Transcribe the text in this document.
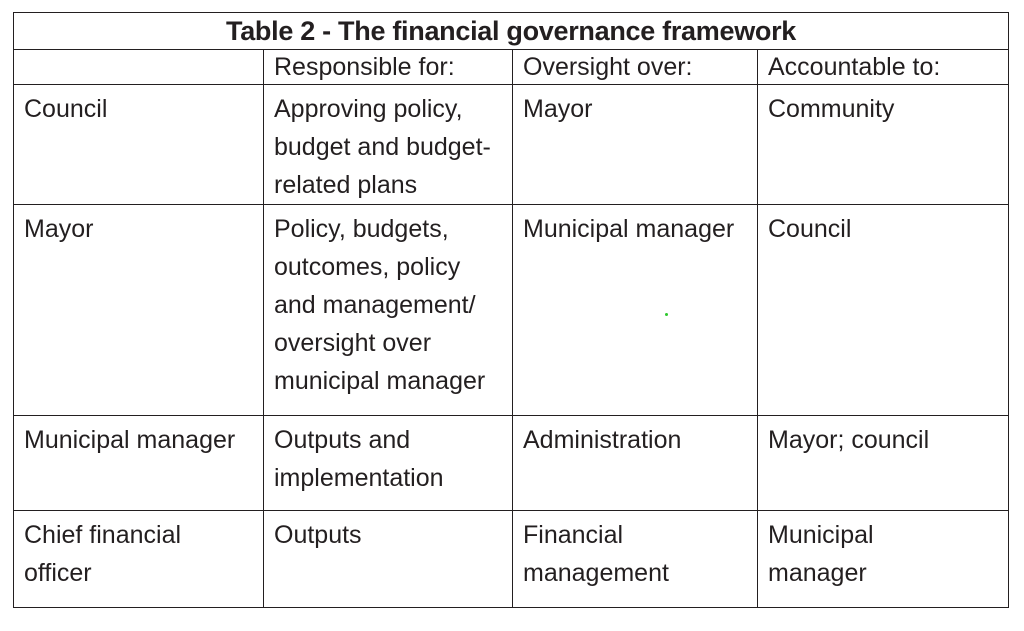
Table 2 - The financial governance framework			

	Responsible for:	Oversight over:	Accountable to:

Council	Approving policy,
budget and budget-
related plans	Mayor	Community

Mayor	Policy, budgets,
outcomes, policy
and management/
oversight over
municipal manager	Municipal manager	Council

Municipal manager	Outputs and
implementation	Administration	Mayor; council

Chief financial
officer	Outputs	Financial
management	Municipal
manager
